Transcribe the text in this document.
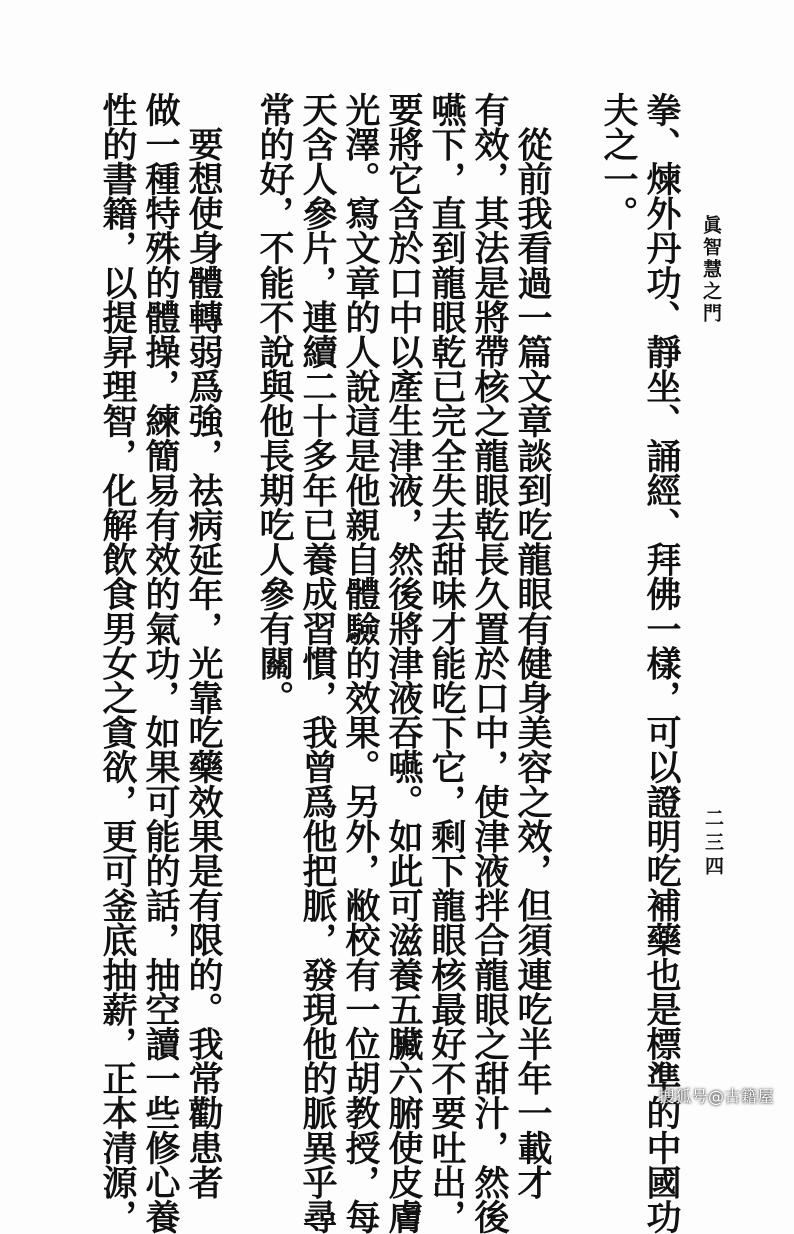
眞智慧之門
二三四
拳、煉外丹功、靜坐、誦經、拜佛一樣，可以證明吃補藥也是標準的中國功
夫之一。
　從前我看過一篇文章談到吃龍眼有健身美容之效，但須連吃半年一載才
有效，其法是將帶核之龍眼乾長久置於口中，使津液拌合龍眼之甜汁，然後
嚥下，直到龍眼乾已完全失去甜味才能吃下它，剩下龍眼核最好不要吐出，
要將它含於口中以產生津液，然後將津液吞嚥。如此可滋養五臟六腑使皮膚
光澤。寫文章的人說這是他親自體驗的效果。另外，敝校有一位胡教授，每
天含人參片，連續二十多年已養成習慣，我曾爲他把脈，發現他的脈異乎尋
常的好，不能不說與他長期吃人參有關。
　要想使身體轉弱爲強，祛病延年，光靠吃藥效果是有限的。我常勸患者
做一種特殊的體操，練簡易有效的氣功，如果可能的話，抽空讀一些修心養
性的書籍，以提昇理智，化解飲食男女之貪欲，更可釜底抽薪，正本清源，	搜狐号@古籍屋
